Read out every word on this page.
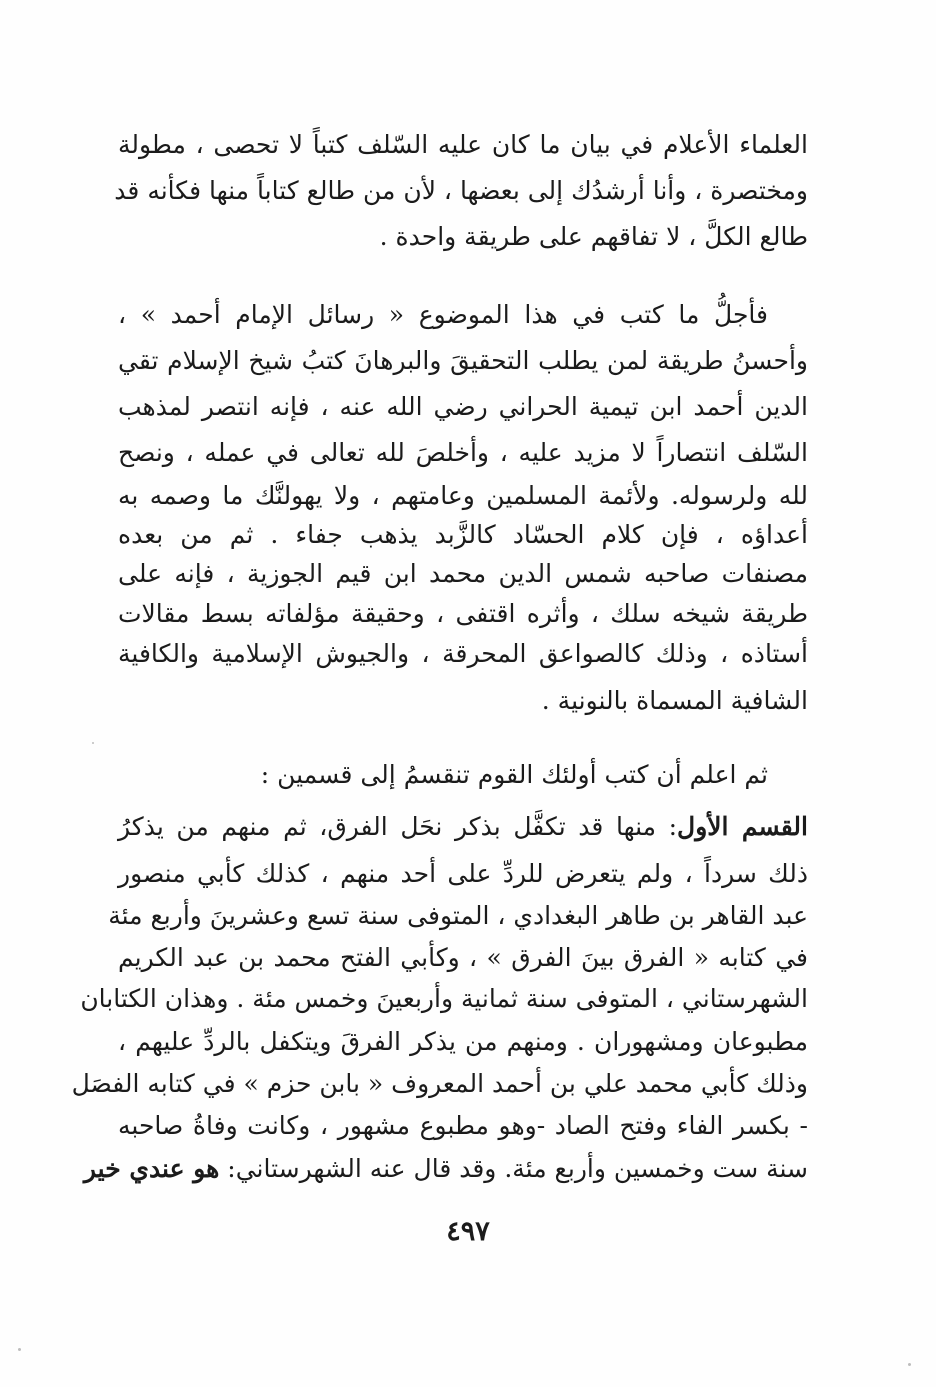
العلماء الأعلام في بيان ما كان عليه السّلف كتباً لا تحصى ، مطولة
ومختصرة ، وأنا أرشدُك إلى بعضها ، لأن من طالع كتاباً منها فكأنه قد
طالع الكلَّ ، لا تفاقهم على طريقة واحدة .
فأجلُّ ما كتب في هذا الموضوع « رسائل الإمام أحمد » ،
وأحسنُ طريقة لمن يطلب التحقيقَ والبرهانَ كتبُ شيخ الإسلام تقي
الدين أحمد ابن تيمية الحراني رضي الله عنه ، فإنه انتصر لمذهب
السّلف انتصاراً لا مزيد عليه ، وأخلصَ لله تعالى في عمله ، ونصح
لله ولرسوله. ولأئمة المسلمين وعامتهم ، ولا يهولنَّك ما وصمه به
أعداؤه ، فإن كلام الحسّاد كالزَّبد يذهب جفاء . ثم من بعده
مصنفات صاحبه شمس الدين محمد ابن قيم الجوزية ، فإنه على
طريقة شيخه سلك ، وأثره اقتفى ، وحقيقة مؤلفاته بسط مقالات
أستاذه ، وذلك كالصواعق المحرقة ، والجيوش الإسلامية والكافية
الشافية المسماة بالنونية .
ثم اعلم أن كتب أولئك القوم تنقسمُ إلى قسمين :
القسم الأول: منها قد تكفَّل بذكر نحَل الفرق، ثم منهم من يذكرُ
ذلك سرداً ، ولم يتعرض للردِّ على أحد منهم ، كذلك كأبي منصور
عبد القاهر بن طاهر البغدادي ، المتوفى سنة تسع وعشرينَ وأربع مئة
في كتابه « الفرق بينَ الفرق » ، وكأبي الفتح محمد بن عبد الكريم
الشهرستاني ، المتوفى سنة ثمانية وأربعينَ وخمس مئة . وهذان الكتابان
مطبوعان ومشهوران . ومنهم من يذكر الفرقَ ويتكفل بالردِّ عليهم ،
وذلك كأبي محمد علي بن أحمد المعروف « بابن حزم » في كتابه الفصَل
- بكسر الفاء وفتح الصاد -وهو مطبوع مشهور ، وكانت وفاةُ صاحبه
سنة ست وخمسين وأربع مئة. وقد قال عنه الشهرستاني: هو عندي خير
٤٩٧
